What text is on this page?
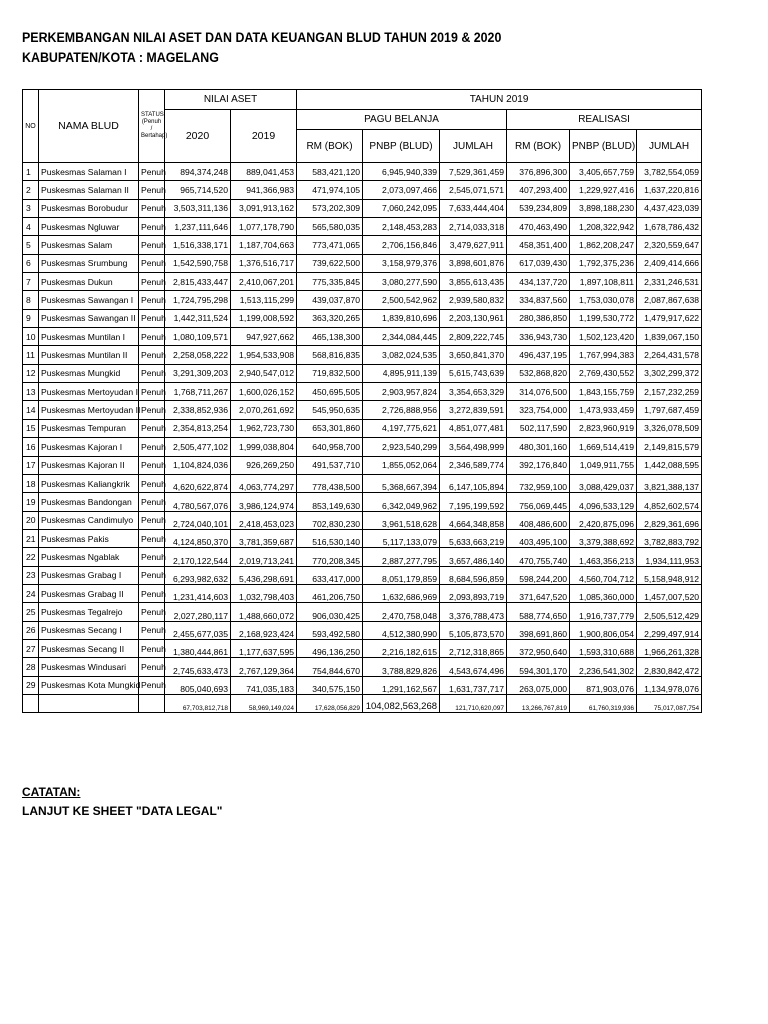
PERKEMBANGAN NILAI ASET DAN DATA KEUANGAN BLUD TAHUN 2019 & 2020
KABUPATEN/KOTA : MAGELANG
NO	NAMA BLUD	STATUS (Penuh / Bertahap)	NILAI ASET		TAHUN 2019					
			2020	2019	PAGU BELANJA			REALISASI		
					RM (BOK)	PNBP (BLUD)	JUMLAH	RM (BOK)	PNBP (BLUD)	JUMLAH
1	Puskesmas Salaman I	Penuh	894,374,248	889,041,453	583,421,120	6,945,940,339	7,529,361,459	376,896,300	3,405,657,759	3,782,554,059
2	Puskesmas Salaman II	Penuh	965,714,520	941,366,983	471,974,105	2,073,097,466	2,545,071,571	407,293,400	1,229,927,416	1,637,220,816
3	Puskesmas Borobudur	Penuh	3,503,311,136	3,091,913,162	573,202,309	7,060,242,095	7,633,444,404	539,234,809	3,898,188,230	4,437,423,039
4	Puskesmas Ngluwar	Penuh	1,237,111,646	1,077,178,790	565,580,035	2,148,453,283	2,714,033,318	470,463,490	1,208,322,942	1,678,786,432
5	Puskesmas Salam	Penuh	1,516,338,171	1,187,704,663	773,471,065	2,706,156,846	3,479,627,911	458,351,400	1,862,208,247	2,320,559,647
6	Puskesmas Srumbung	Penuh	1,542,590,758	1,376,516,717	739,622,500	3,158,979,376	3,898,601,876	617,039,430	1,792,375,236	2,409,414,666
7	Puskesmas Dukun	Penuh	2,815,433,447	2,410,067,201	775,335,845	3,080,277,590	3,855,613,435	434,137,720	1,897,108,811	2,331,246,531
8	Puskesmas Sawangan I	Penuh	1,724,795,298	1,513,115,299	439,037,870	2,500,542,962	2,939,580,832	334,837,560	1,753,030,078	2,087,867,638
9	Puskesmas Sawangan II	Penuh	1,442,311,524	1,199,008,592	363,320,265	1,839,810,696	2,203,130,961	280,386,850	1,199,530,772	1,479,917,622
10	Puskesmas Muntilan I	Penuh	1,080,109,571	947,927,662	465,138,300	2,344,084,445	2,809,222,745	336,943,730	1,502,123,420	1,839,067,150
11	Puskesmas Muntilan II	Penuh	2,258,058,222	1,954,533,908	568,816,835	3,082,024,535	3,650,841,370	496,437,195	1,767,994,383	2,264,431,578
12	Puskesmas Mungkid	Penuh	3,291,309,203	2,940,547,012	719,832,500	4,895,911,139	5,615,743,639	532,868,820	2,769,430,552	3,302,299,372
13	Puskesmas Mertoyudan I	Penuh	1,768,711,267	1,600,026,152	450,695,505	2,903,957,824	3,354,653,329	314,076,500	1,843,155,759	2,157,232,259
14	Puskesmas Mertoyudan II	Penuh	2,338,852,936	2,070,261,692	545,950,635	2,726,888,956	3,272,839,591	323,754,000	1,473,933,459	1,797,687,459
15	Puskesmas Tempuran	Penuh	2,354,813,254	1,962,723,730	653,301,860	4,197,775,621	4,851,077,481	502,117,590	2,823,960,919	3,326,078,509
16	Puskesmas Kajoran I	Penuh	2,505,477,102	1,999,038,804	640,958,700	2,923,540,299	3,564,498,999	480,301,160	1,669,514,419	2,149,815,579
17	Puskesmas Kajoran II	Penuh	1,104,824,036	926,269,250	491,537,710	1,855,052,064	2,346,589,774	392,176,840	1,049,911,755	1,442,088,595
18	Puskesmas Kaliangkrik	Penuh	4,620,622,874	4,063,774,297	778,438,500	5,368,667,394	6,147,105,894	732,959,100	3,088,429,037	3,821,388,137
19	Puskesmas Bandongan	Penuh	4,780,567,076	3,986,124,974	853,149,630	6,342,049,962	7,195,199,592	756,069,445	4,096,533,129	4,852,602,574
20	Puskesmas Candimulyo	Penuh	2,724,040,101	2,418,453,023	702,830,230	3,961,518,628	4,664,348,858	408,486,600	2,420,875,096	2,829,361,696
21	Puskesmas Pakis	Penuh	4,124,850,370	3,781,359,687	516,530,140	5,117,133,079	5,633,663,219	403,495,100	3,379,388,692	3,782,883,792
22	Puskesmas Ngablak	Penuh	2,170,122,544	2,019,713,241	770,208,345	2,887,277,795	3,657,486,140	470,755,740	1,463,356,213	1,934,111,953
23	Puskesmas Grabag I	Penuh	6,293,982,632	5,436,298,691	633,417,000	8,051,179,859	8,684,596,859	598,244,200	4,560,704,712	5,158,948,912
24	Puskesmas Grabag II	Penuh	1,231,414,603	1,032,798,403	461,206,750	1,632,686,969	2,093,893,719	371,647,520	1,085,360,000	1,457,007,520
25	Puskesmas Tegalrejo	Penuh	2,027,280,117	1,488,660,072	906,030,425	2,470,758,048	3,376,788,473	588,774,650	1,916,737,779	2,505,512,429
26	Puskesmas Secang I	Penuh	2,455,677,035	2,168,923,424	593,492,580	4,512,380,990	5,105,873,570	398,691,860	1,900,806,054	2,299,497,914
27	Puskesmas Secang II	Penuh	1,380,444,861	1,177,637,595	496,136,250	2,216,182,615	2,712,318,865	372,950,640	1,593,310,688	1,966,261,328
28	Puskesmas Windusari	Penuh	2,745,633,473	2,767,129,364	754,844,670	3,788,829,826	4,543,674,496	594,301,170	2,236,541,302	2,830,842,472
29	Puskesmas Kota Mungkid	Penuh	805,040,693	741,035,183	340,575,150	1,291,162,567	1,631,737,717	263,075,000	871,903,076	1,134,978,076
			67,703,812,718	58,969,149,024	17,628,056,829	104,082,563,268	121,710,620,097	13,266,767,819	61,760,319,936	75,017,087,754
CATATAN:
LANJUT KE SHEET "DATA LEGAL"
